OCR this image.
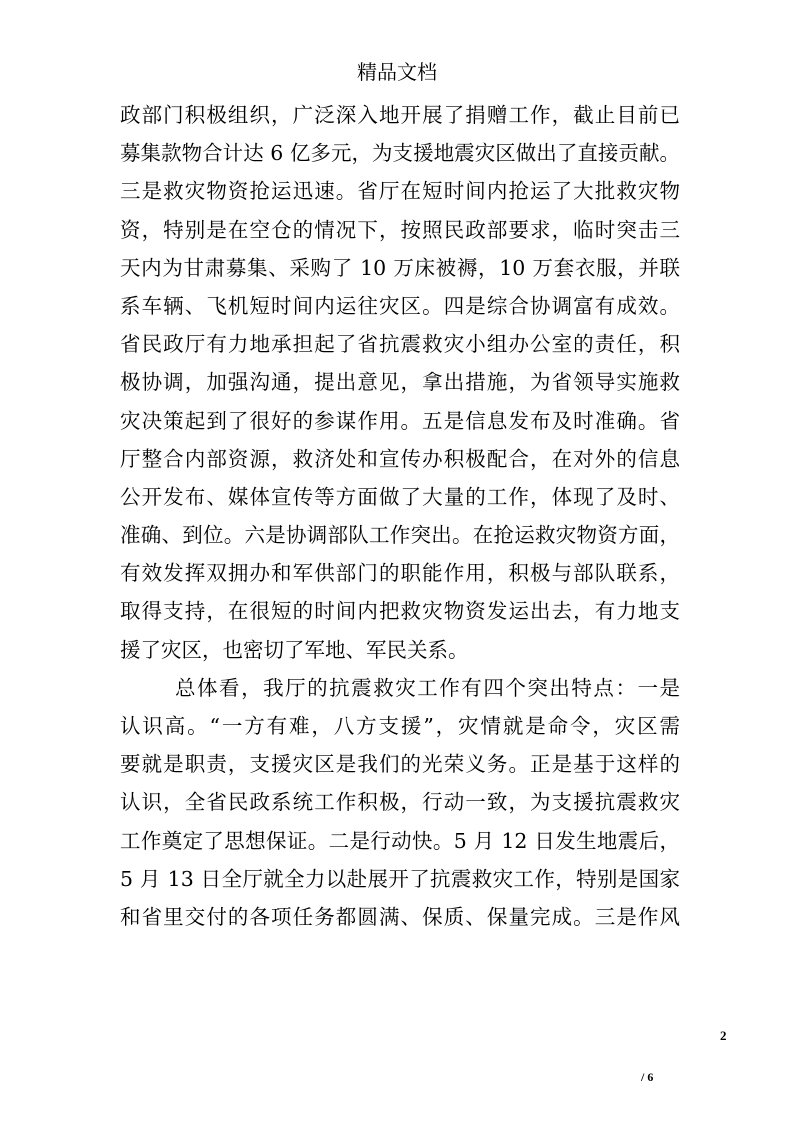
精品文档
政部门积极组织，广泛深入地开展了捐赠工作，截止目前已
募集款物合计达 6 亿多元，为支援地震灾区做出了直接贡献。
三是救灾物资抢运迅速。省厅在短时间内抢运了大批救灾物
资，特别是在空仓的情况下，按照民政部要求，临时突击三
天内为甘肃募集、采购了 10 万床被褥，10 万套衣服，并联
系车辆、飞机短时间内运往灾区。四是综合协调富有成效。
省民政厅有力地承担起了省抗震救灾小组办公室的责任，积
极协调，加强沟通，提出意见，拿出措施，为省领导实施救
灾决策起到了很好的参谋作用。五是信息发布及时准确。省
厅整合内部资源，救济处和宣传办积极配合，在对外的信息
公开发布、媒体宣传等方面做了大量的工作，体现了及时、
准确、到位。六是协调部队工作突出。在抢运救灾物资方面，
有效发挥双拥办和军供部门的职能作用，积极与部队联系，
取得支持，在很短的时间内把救灾物资发运出去，有力地支
援了灾区，也密切了军地、军民关系。
总体看，我厅的抗震救灾工作有四个突出特点：一是
认识高。“一方有难，八方支援”，灾情就是命令，灾区需
要就是职责，支援灾区是我们的光荣义务。正是基于这样的
认识，全省民政系统工作积极，行动一致，为支援抗震救灾
工作奠定了思想保证。二是行动快。5 月 12 日发生地震后，
5 月 13 日全厅就全力以赴展开了抗震救灾工作，特别是国家
和省里交付的各项任务都圆满、保质、保量完成。三是作风
2
/ 6
